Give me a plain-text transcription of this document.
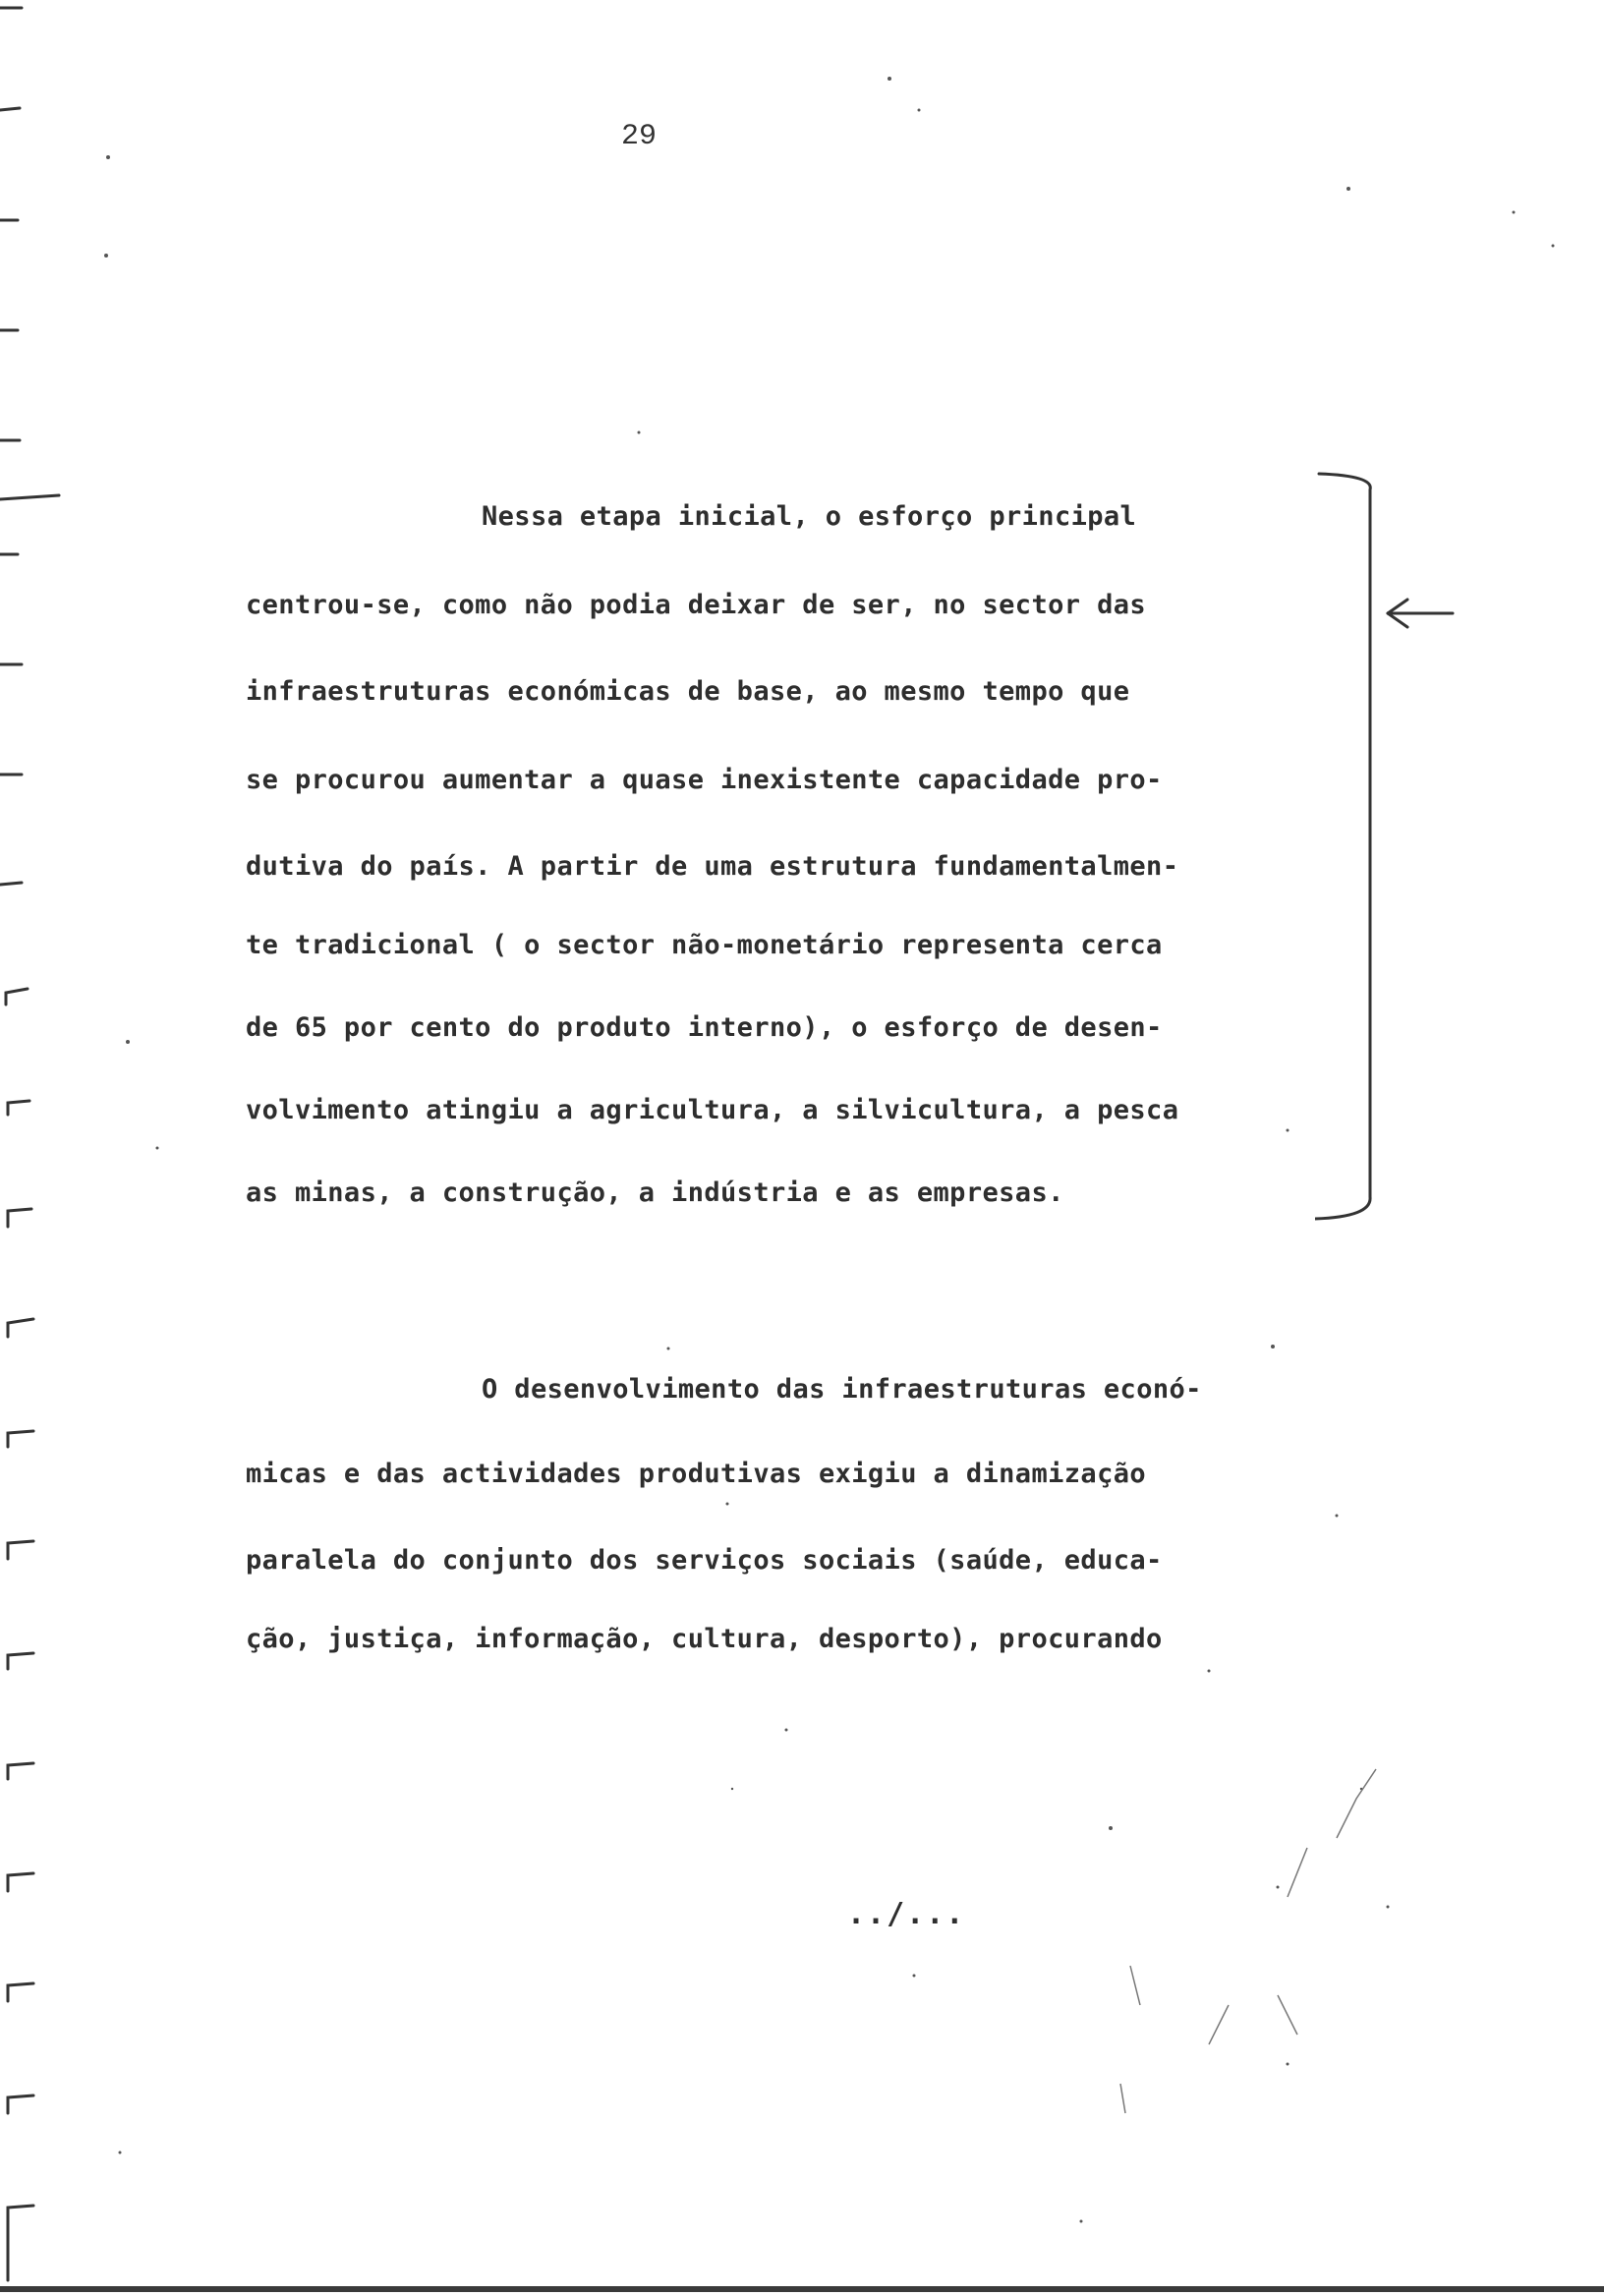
29
Nessa etapa inicial, o esforço principal
centrou-se, como não podia deixar de ser, no sector das
infraestruturas económicas de base, ao mesmo tempo que
se procurou aumentar a quase inexistente capacidade pro-
dutiva do país. A partir de uma estrutura fundamentalmen-
te tradicional ( o sector não-monetário representa cerca
de 65 por cento do produto interno), o esforço de desen-
volvimento atingiu a agricultura, a silvicultura, a pesca
as minas, a construção, a indústria e as empresas.
O desenvolvimento das infraestruturas econó-
micas e das actividades produtivas exigiu a dinamização
paralela do conjunto dos serviços sociais (saúde, educa-
ção, justiça, informação, cultura, desporto), procurando
../...
